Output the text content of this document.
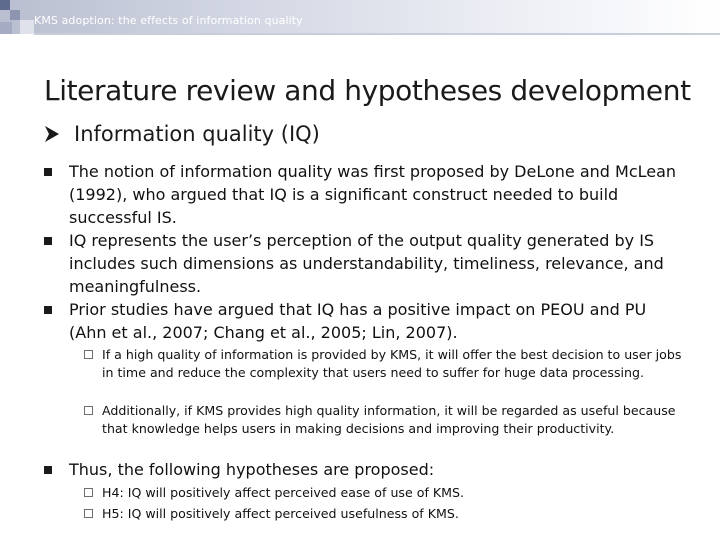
KMS adoption: the effects of information quality
Literature review and hypotheses development
Information quality (IQ)
The notion of information quality was first proposed by DeLone and McLean (1992), who argued that IQ is a significant construct needed to build successful IS.
IQ represents the user’s perception of the output quality generated by IS includes such dimensions as understandability, timeliness, relevance, and meaningfulness.
Prior studies have argued that IQ has a positive impact on PEOU and PU (Ahn et al., 2007; Chang et al., 2005; Lin, 2007).
If a high quality of information is provided by KMS, it will offer the best decision to user jobs in time and reduce the complexity that users need to suffer for huge data processing.
Additionally, if KMS provides high quality information, it will be regarded as useful because that knowledge helps users in making decisions and improving their productivity.
Thus, the following hypotheses are proposed:
H4: IQ will positively affect perceived ease of use of KMS.
H5: IQ will positively affect perceived usefulness of KMS.
